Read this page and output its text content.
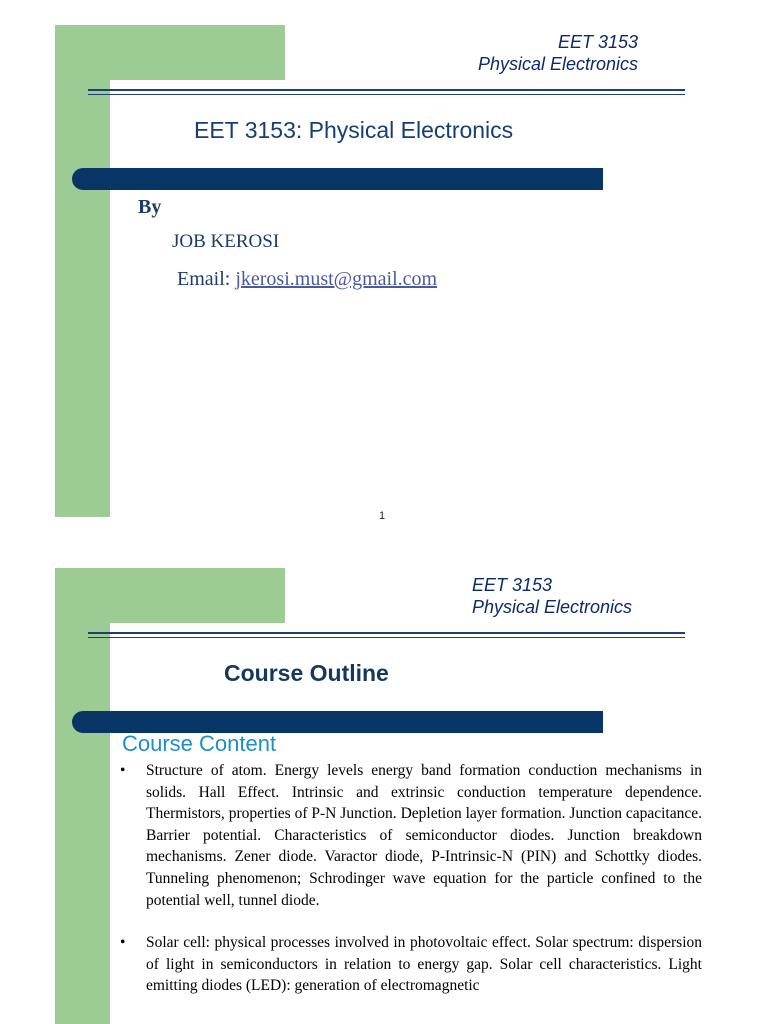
EET 3153
Physical Electronics
EET 3153: Physical Electronics
By
JOB KEROSI
Email: jkerosi.must@gmail.com
1
EET 3153
Physical Electronics
Course Outline
Course Content
• Structure of atom. Energy levels energy band formation conduction mechanisms in solids. Hall Effect. Intrinsic and extrinsic conduction temperature dependence. Thermistors, properties of P-N Junction. Depletion layer formation. Junction capacitance. Barrier potential. Characteristics of semiconductor diodes. Junction breakdown mechanisms. Zener diode. Varactor diode, P-Intrinsic-N (PIN) and Schottky diodes. Tunneling phenomenon; Schrodinger wave equation for the particle confined to the potential well, tunnel diode.
• Solar cell: physical processes involved in photovoltaic effect. Solar spectrum: dispersion of light in semiconductors in relation to energy gap. Solar cell characteristics. Light emitting diodes (LED): generation of electromagnetic
